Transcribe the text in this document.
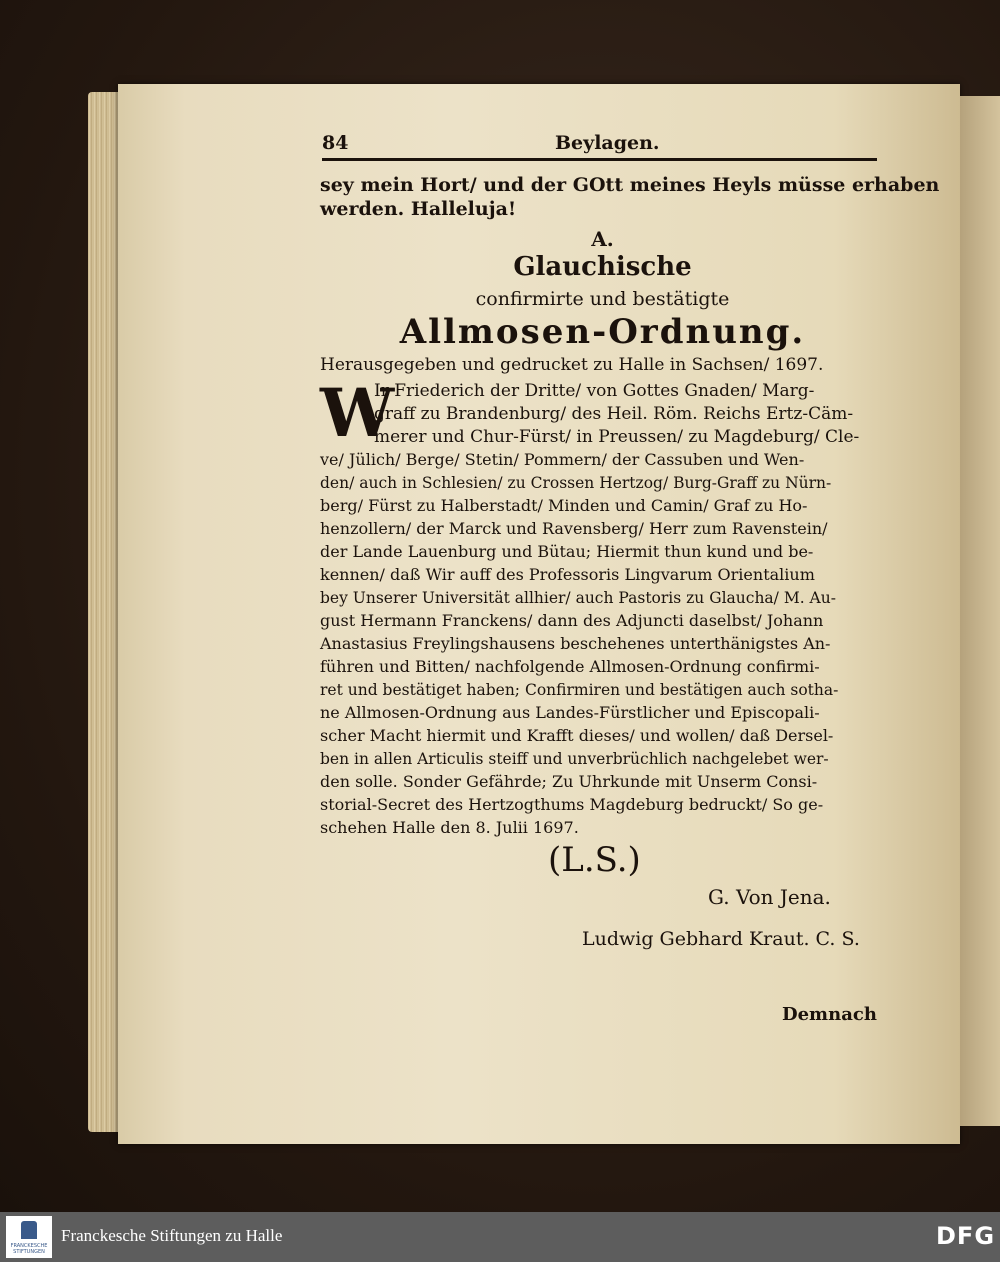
84	Beylagen.
sey mein Hort/ und der GOtt meines Heyls müsse erhaben
werden. Halleluja!
A.
Glauchische
confirmirte und bestätigte
Allmosen-Ordnung.
Herausgegeben und gedrucket zu Halle in Sachsen/ 1697.
W
Ir Friederich der Dritte/ von Gottes Gnaden/ Marg-
graff zu Brandenburg/ des Heil. Röm. Reichs Ertz-Cäm-
merer und Chur-Fürst/ in Preussen/ zu Magdeburg/ Cle-
ve/ Jülich/ Berge/ Stetin/ Pommern/ der Cassuben und Wen-
den/ auch in Schlesien/ zu Crossen Hertzog/ Burg-Graff zu Nürn-
berg/ Fürst zu Halberstadt/ Minden und Camin/ Graf zu Ho-
henzollern/ der Marck und Ravensberg/ Herr zum Ravenstein/
der Lande Lauenburg und Bütau; Hiermit thun kund und be-
kennen/ daß Wir auff des Professoris Lingvarum Orientalium
bey Unserer Universität allhier/ auch Pastoris zu Glaucha/ M. Au-
gust Hermann Franckens/ dann des Adjuncti daselbst/ Johann
Anastasius Freylingshausens beschehenes unterthänigstes An-
führen und Bitten/ nachfolgende Allmosen-Ordnung confirmi-
ret und bestätiget haben; Confirmiren und bestätigen auch sotha-
ne Allmosen-Ordnung aus Landes-Fürstlicher und Episcopali-
scher Macht hiermit und Krafft dieses/ und wollen/ daß Dersel-
ben in allen Articulis steiff und unverbrüchlich nachgelebet wer-
den solle. Sonder Gefährde; Zu Uhrkunde mit Unserm Consi-
storial-Secret des Hertzogthums Magdeburg bedruckt/ So ge-
schehen Halle den 8. Julii 1697.
(L.S.)
G. Von Jena.
Ludwig Gebhard Kraut. C. S.
Demnach
FRANCKESCHE STIFTUNGEN
Franckesche Stiftungen zu Halle	DFG
